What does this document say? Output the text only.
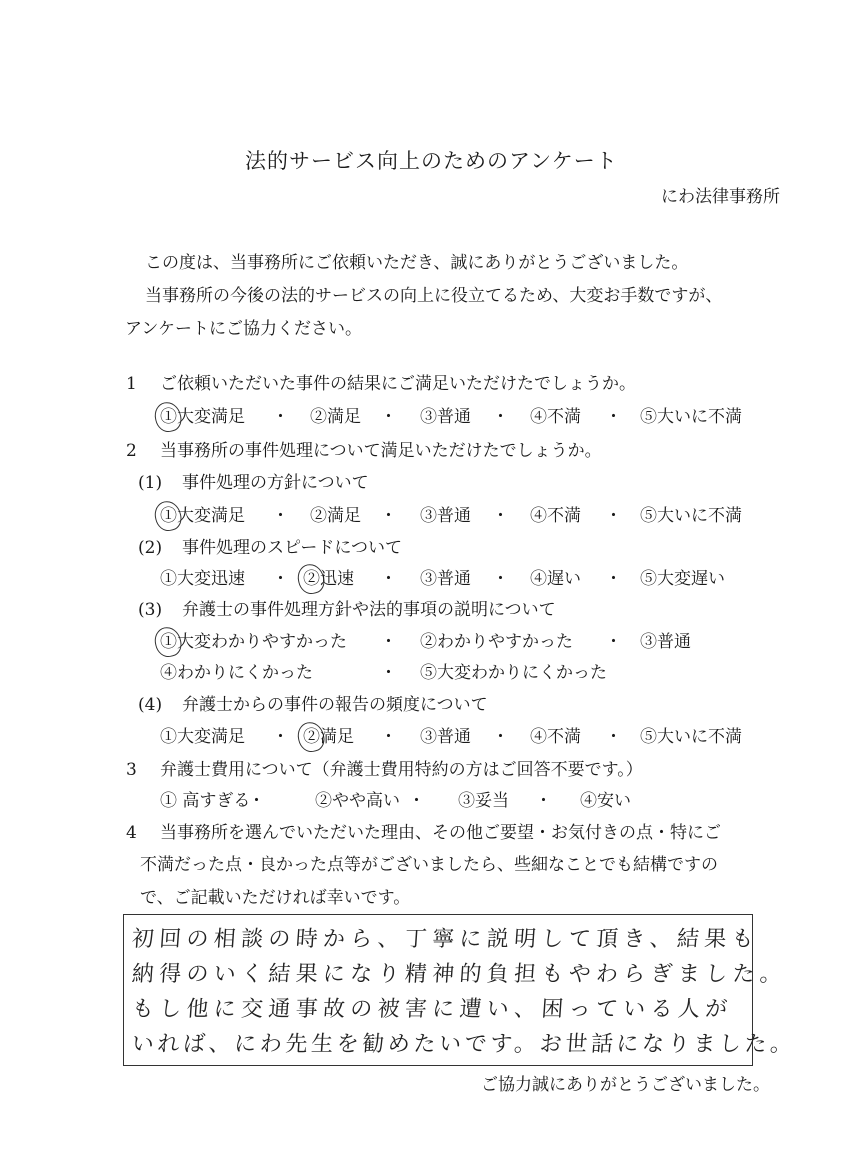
法的サービス向上のためのアンケート
にわ法律事務所
この度は、当事務所にご依頼いただき、誠にありがとうございました。
当事務所の今後の法的サービスの向上に役立てるため、大変お手数ですが、
アンケートにご協力ください。
1 ご依頼いただいた事件の結果にご満足いただけたでしょうか。
①大変満足 ・ ②満足 ・ ③普通 ・ ④不満 ・ ⑤大いに不満
2 当事務所の事件処理について満足いただけたでしょうか。
(1) 事件処理の方針について
①大変満足 ・ ②満足 ・ ③普通 ・ ④不満 ・ ⑤大いに不満
(2) 事件処理のスピードについて
①大変迅速 ・ ②迅速 ・ ③普通 ・ ④遅い ・ ⑤大変遅い
(3) 弁護士の事件処理方針や法的事項の説明について
①大変わかりやすかった ・ ②わかりやすかった ・ ③普通
④わかりにくかった	・ ⑤大変わかりにくかった
(4) 弁護士からの事件の報告の頻度について
①大変満足 ・ ②満足 ・ ③普通 ・ ④不満 ・ ⑤大いに不満
3 弁護士費用について（弁護士費用特約の方はご回答不要です。）
① 高すぎる
・	②やや高い ・ ③妥当 ・ ④安い
4 当事務所を選んでいただいた理由、その他ご要望・お気付きの点・特にご
不満だった点・良かった点等がございましたら、些細なことでも結構ですの
で、ご記載いただければ幸いです。
初回の相談の時から、丁寧に説明して頂き、結果も
納得のいく結果になり精神的負担もやわらぎました。
もし他に交通事故の被害に遭い、困っている人が
いれば、にわ先生を勧めたいです。お世話になりました。
ご協力誠にありがとうございました。
